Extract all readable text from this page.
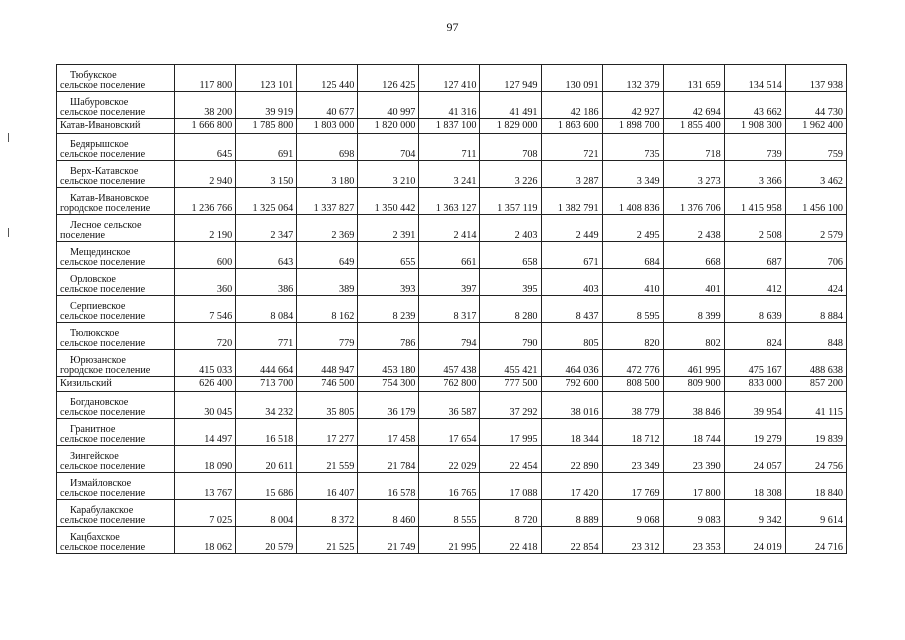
97
Тюбукское
сельское поселение	117 800	123 101	125 440	126 425	127 410	127 949	130 091	132 379	131 659	134 514	137 938

Шабуровское
сельское поселение	38 200	39 919	40 677	40 997	41 316	41 491	42 186	42 927	42 694	43 662	44 730

Катав-Ивановский	1 666 800	1 785 800	1 803 000	1 820 000	1 837 100	1 829 000	1 863 600	1 898 700	1 855 400	1 908 300	1 962 400

Бедярышское
сельское поселение	645	691	698	704	711	708	721	735	718	739	759

Верх-Катавское
сельское поселение	2 940	3 150	3 180	3 210	3 241	3 226	3 287	3 349	3 273	3 366	3 462

Катав-Ивановское
городское поселение	1 236 766	1 325 064	1 337 827	1 350 442	1 363 127	1 357 119	1 382 791	1 408 836	1 376 706	1 415 958	1 456 100

Лесное сельское
поселение	2 190	2 347	2 369	2 391	2 414	2 403	2 449	2 495	2 438	2 508	2 579

Мещединское
сельское поселение	600	643	649	655	661	658	671	684	668	687	706

Орловское
сельское поселение	360	386	389	393	397	395	403	410	401	412	424

Серпиевское
сельское поселение	7 546	8 084	8 162	8 239	8 317	8 280	8 437	8 595	8 399	8 639	8 884

Тюлюкское
сельское поселение	720	771	779	786	794	790	805	820	802	824	848

Юрюзанское
городское поселение	415 033	444 664	448 947	453 180	457 438	455 421	464 036	472 776	461 995	475 167	488 638

Кизильский	626 400	713 700	746 500	754 300	762 800	777 500	792 600	808 500	809 900	833 000	857 200

Богдановское
сельское поселение	30 045	34 232	35 805	36 179	36 587	37 292	38 016	38 779	38 846	39 954	41 115

Гранитное
сельское поселение	14 497	16 518	17 277	17 458	17 654	17 995	18 344	18 712	18 744	19 279	19 839

Зингейское
сельское поселение	18 090	20 611	21 559	21 784	22 029	22 454	22 890	23 349	23 390	24 057	24 756

Измайловское
сельское поселение	13 767	15 686	16 407	16 578	16 765	17 088	17 420	17 769	17 800	18 308	18 840

Карабулакское
сельское поселение	7 025	8 004	8 372	8 460	8 555	8 720	8 889	9 068	9 083	9 342	9 614

Кацбахское
сельское поселение	18 062	20 579	21 525	21 749	21 995	22 418	22 854	23 312	23 353	24 019	24 716
